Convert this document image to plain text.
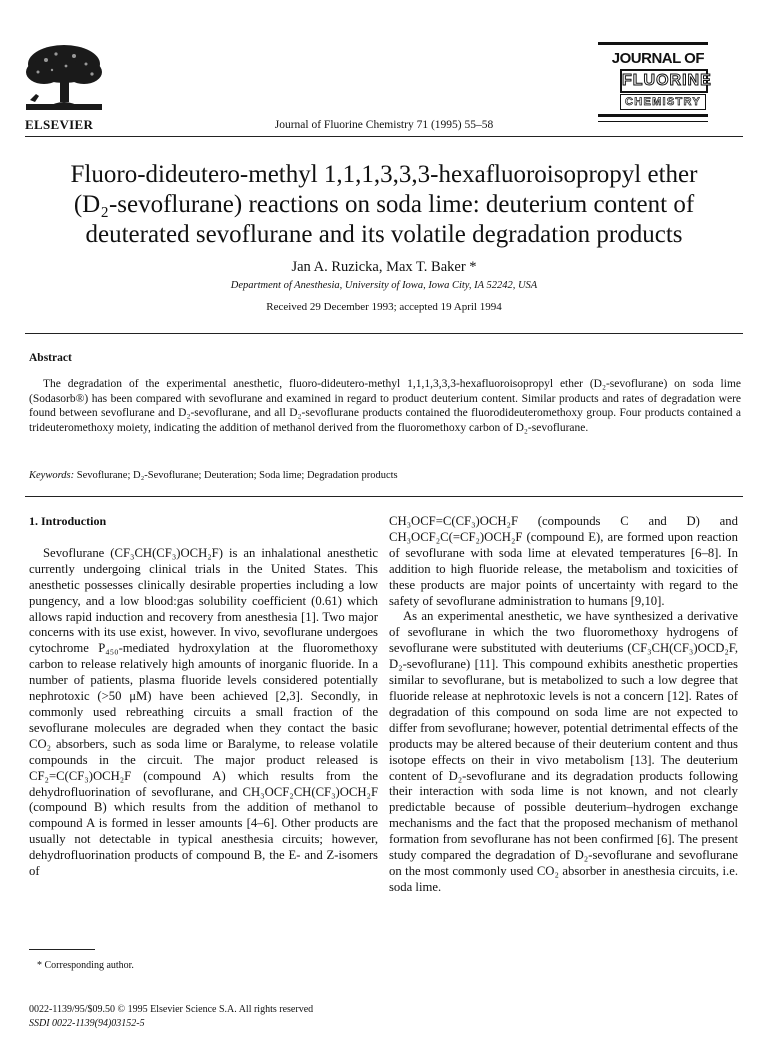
ELSEVIER	Journal of Fluorine Chemistry 71 (1995) 55–58
JOURNAL OF
FLUORINE
CHEMISTRY
Fluoro-dideutero-methyl 1,1,1,3,3,3-hexafluoroisopropyl ether
(D₂-sevoflurane) reactions on soda lime: deuterium content of
deuterated sevoflurane and its volatile degradation products
Jan A. Ruzicka, Max T. Baker *
Department of Anesthesia, University of Iowa, Iowa City, IA 52242, USA
Received 29 December 1993; accepted 19 April 1994
Abstract
The degradation of the experimental anesthetic, fluoro-dideutero-methyl 1,1,1,3,3,3-hexafluoroisopropyl ether (D₂-sevoflurane) on soda lime (Sodasorb®) has been compared with sevoflurane and examined in regard to product deuterium content. Similar products and rates of degradation were found between sevoflurane and D₂-sevoflurane, and all D₂-sevoflurane products contained the fluorodideuteromethoxy group. Four products contained a trideuteromethoxy moiety, indicating the addition of methanol derived from the fluoromethoxy carbon of D₂-sevoflurane.
Keywords: Sevoflurane; D₂-Sevoflurane; Deuteration; Soda lime; Degradation products

1. Introduction

Sevoflurane (CF₃CH(CF₃)OCH₂F) is an inhalational anesthetic currently undergoing clinical trials in the United States. This anesthetic possesses clinically desirable properties including a low pungency, and a low blood:gas solubility coefficient (0.61) which allows rapid induction and recovery from anesthesia [1]. Two major concerns with its use exist, however. In vivo, sevoflurane undergoes cytochrome P₄₅₀-mediated hydroxylation at the fluoromethoxy carbon to release relatively high amounts of inorganic fluoride. In a number of patients, plasma fluoride levels considered potentially nephrotoxic (>50 μM) have been achieved [2,3]. Secondly, in commonly used rebreathing circuits a small fraction of the sevoflurane molecules are degraded when they contact the basic CO₂ absorbers, such as soda lime or Baralyme, to release volatile compounds in the circuit. The major product released is CF₂=C(CF₃)OCH₂F (compound A) which results from the dehydrofluorination of sevoflurane, and CH₃OCF₂CH(CF₃)OCH₂F (compound B) which results from the addition of methanol to compound A is formed in lesser amounts [4–6]. Other products are usually not detectable in typical anesthesia circuits; however, dehydrofluorination products of compound B, the E- and Z-isomers of

CH₃OCF=C(CF₃)OCH₂F (compounds C and D) and CH₃OCF₂C(=CF₂)OCH₂F (compound E), are formed upon reaction of sevoflurane with soda lime at elevated temperatures [6–8]. In addition to high fluoride release, the metabolism and toxicities of these products are major points of uncertainty with regard to the safety of sevoflurane administration to humans [9,10].

As an experimental anesthetic, we have synthesized a derivative of sevoflurane in which the two fluoromethoxy hydrogens of sevoflurane were substituted with deuteriums (CF₃CH(CF₃)OCD₂F, D₂-sevoflurane) [11]. This compound exhibits anesthetic properties similar to sevoflurane, but is metabolized to such a low degree that fluoride release at nephrotoxic levels is not a concern [12]. Rates of degradation of this compound on soda lime are not expected to differ from sevoflurane; however, potential detrimental effects of the products may be altered because of their deuterium content and thus isotope effects on their in vivo metabolism [13]. The deuterium content of D₂-sevoflurane and its degradation products following their interaction with soda lime is not known, and not clearly predictable because of possible deuterium–hydrogen exchange mechanisms and the fact that the proposed mechanism of methanol formation from sevoflurane has not been confirmed [6]. The present study compared the degradation of D₂-sevoflurane and sevoflurane on the most commonly used CO₂ absorber in anesthesia circuits, i.e. soda lime.

* Corresponding author.
0022-1139/95/$09.50 © 1995 Elsevier Science S.A. All rights reserved
SSDI 0022-1139(94)03152-5
